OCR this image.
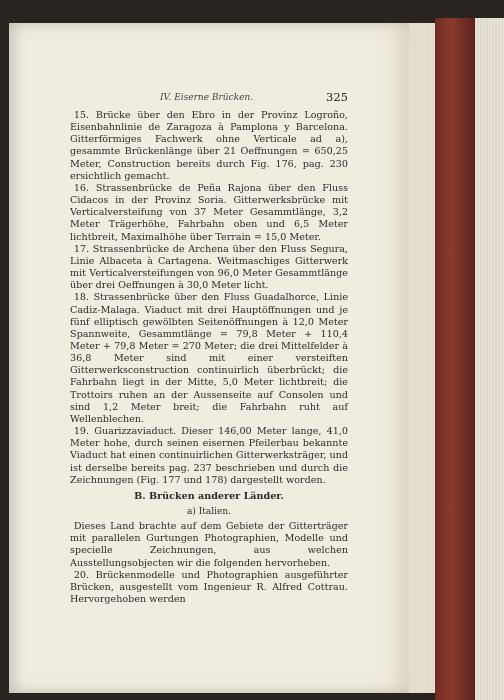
IV. Eiserne Brücken.	325

15. Brücke über den Ebro in der Provinz Logroño, Eisenbahnlinie de Zaragoza à Pamplona y Barcelona. Gitterförmiges Fachwerk ohne Verticale ad a), gesammte Brückenlänge über 21 Oeffnungen = 650,25 Meter, Construction bereits durch Fig. 176, pag. 230 ersichtlich gemacht.

16. Strassenbrücke de Peña Rajona über den Fluss Cidacos in der Provinz Soria. Gitterwerksbrücke mit Verticalversteifung von 37 Meter Gesammtlänge, 3,2 Meter Trägerhöhe, Fahrbahn oben und 6,5 Meter lichtbreit, Maximalhöhe über Terrain = 15,0 Meter.

17. Strassenbrücke de Archena über den Fluss Segura, Linie Albaceta à Cartagena. Weitmaschiges Gitterwerk mit Verticalversteifungen von 96,0 Meter Gesammtlänge über drei Oeffnungen à 30,0 Meter licht.

18. Strassenbrücke über den Fluss Guadalhorce, Linie Cadiz-Malaga. Viaduct mit drei Hauptöffnungen und je fünf elliptisch gewölbten Seitenöffnungen à 12,0 Meter Spannweite, Gesammtlänge = 79,8 Meter + 110,4 Meter + 79,8 Meter = 270 Meter; die drei Mittelfelder à 36,8 Meter sind mit einer versteiften Gitterwerksconstruction continuirlich überbrückt; die Fahrbahn liegt in der Mitte, 5,0 Meter lichtbreit; die Trottoirs ruhen an der Aussenseite auf Consolen und sind 1,2 Meter breit; die Fahrbahn ruht auf Wellenblechen.

19. Guarizzaviaduct. Dieser 146,00 Meter lange, 41,0 Meter hohe, durch seinen eisernen Pfeilerbau bekannte Viaduct hat einen continuirlichen Gitterwerksträger, und ist derselbe bereits pag. 237 beschrieben und durch die Zeichnungen (Fig. 177 und 178) dargestellt worden.

B. Brücken anderer Länder.

a) Italien.

Dieses Land brachte auf dem Gebiete der Gitterträger mit parallelen Gurtungen Photographien, Modelle und specielle Zeichnungen, aus welchen Ausstellungsobjecten wir die folgenden hervorheben.

20. Brückenmodelle und Photographien ausgeführter Brücken, ausgestellt vom Ingenieur R. Alfred Cottrau. Hervorgehoben werden
